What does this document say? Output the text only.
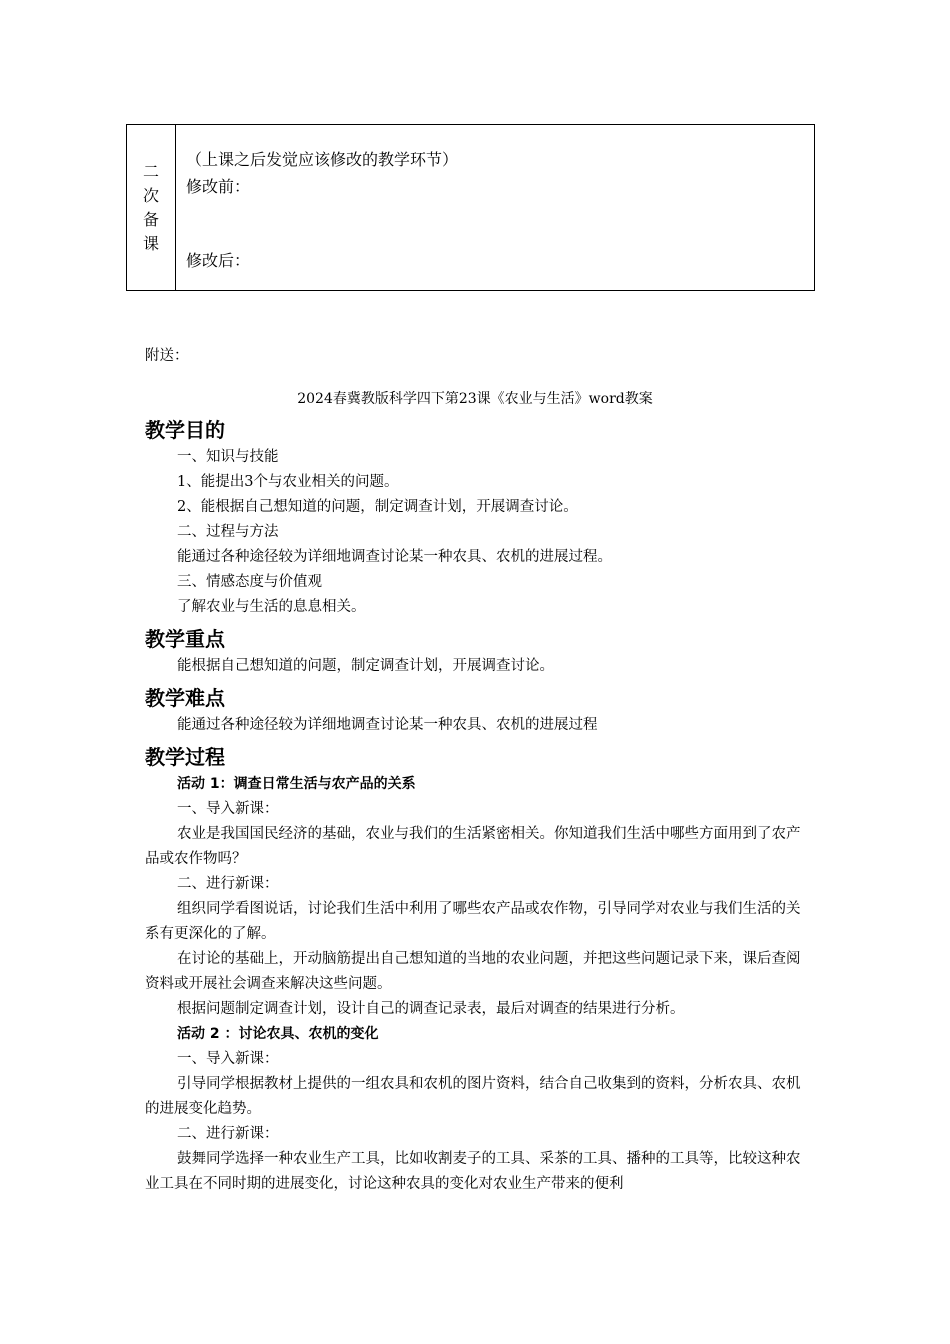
二
次
备
课
（上课之后发觉应该修改的教学环节）
修改前：
修改后：
附送：
2024春冀教版科学四下第23课《农业与生活》word教案
教学目的
一、知识与技能
1、能提出3个与农业相关的问题。
2、能根据自己想知道的问题，制定调查计划，开展调查讨论。
二、过程与方法
能通过各种途径较为详细地调查讨论某一种农具、农机的进展过程。
三、情感态度与价值观
了解农业与生活的息息相关。
教学重点
能根据自己想知道的问题，制定调查计划，开展调查讨论。
教学难点
能通过各种途径较为详细地调查讨论某一种农具、农机的进展过程
教学过程
活动 1：调查日常生活与农产品的关系
一、导入新课：
农业是我国国民经济的基础，农业与我们的生活紧密相关。你知道我们生活中哪些方面用到了农产品或农作物吗？
二、进行新课：
组织同学看图说话，讨论我们生活中利用了哪些农产品或农作物，引导同学对农业与我们生活的关系有更深化的了解。
在讨论的基础上，开动脑筋提出自己想知道的当地的农业问题，并把这些问题记录下来，课后查阅资料或开展社会调查来解决这些问题。
根据问题制定调查计划，设计自己的调查记录表，最后对调查的结果进行分析。
活动 2 ：讨论农具、农机的变化
一、导入新课：
引导同学根据教材上提供的一组农具和农机的图片资料，结合自己收集到的资料，分析农具、农机的进展变化趋势。
二、进行新课：
鼓舞同学选择一种农业生产工具，比如收割麦子的工具、采茶的工具、播种的工具等，比较这种农业工具在不同时期的进展变化，讨论这种农具的变化对农业生产带来的便利
